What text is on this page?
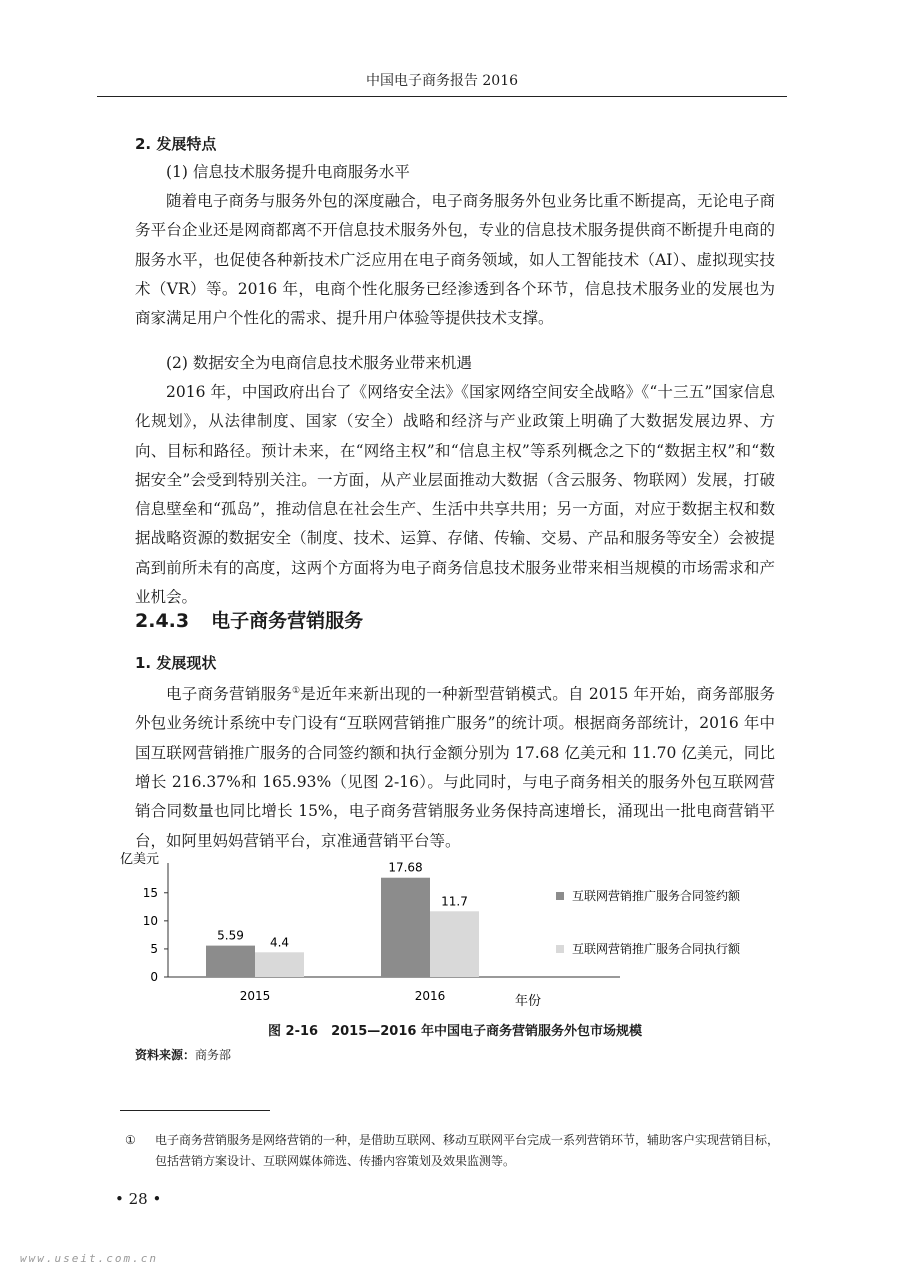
中国电子商务报告 2016
2. 发展特点

(1) 信息技术服务提升电商服务水平

随着电子商务与服务外包的深度融合，电子商务服务外包业务比重不断提高，无论电子商务平台企业还是网商都离不开信息技术服务外包，专业的信息技术服务提供商不断提升电商的服务水平，也促使各种新技术广泛应用在电子商务领域，如人工智能技术（AI）、虚拟现实技术（VR）等。2016 年，电商个性化服务已经渗透到各个环节，信息技术服务业的发展也为商家满足用户个性化的需求、提升用户体验等提供技术支撑。

(2) 数据安全为电商信息技术服务业带来机遇

2016 年，中国政府出台了《网络安全法》《国家网络空间安全战略》《“十三五”国家信息化规划》，从法律制度、国家（安全）战略和经济与产业政策上明确了大数据发展边界、方向、目标和路径。预计未来，在“网络主权”和“信息主权”等系列概念之下的“数据主权”和“数据安全”会受到特别关注。一方面，从产业层面推动大数据（含云服务、物联网）发展，打破信息壁垒和“孤岛”，推动信息在社会生产、生活中共享共用；另一方面，对应于数据主权和数据战略资源的数据安全（制度、技术、运算、存储、传输、交易、产品和服务等安全）会被提高到前所未有的高度，这两个方面将为电子商务信息技术服务业带来相当规模的市场需求和产业机会。

2.4.3 电子商务营销服务
1. 发展现状

电子商务营销服务①是近年来新出现的一种新型营销模式。自 2015 年开始，商务部服务外包业务统计系统中专门设有“互联网营销推广服务”的统计项。根据商务部统计，2016 年中国互联网营销推广服务的合同签约额和执行金额分别为 17.68 亿美元和 11.70 亿美元，同比增长 216.37%和 165.93%（见图 2-16）。与此同时，与电子商务相关的服务外包互联网营销合同数量也同比增长 15%，电子商务营销服务业务保持高速增长，涌现出一批电商营销平台，如阿里妈妈营销平台，京准通营销平台等。

亿美元
0
5
10
15
5.59 4.4
17.68
11.7
2015	2016	年份
互联网营销推广服务合同签约额
互联网营销推广服务合同执行额
图 2-16　2015—2016 年中国电子商务营销服务外包市场规模
资料来源：商务部
① 电子商务营销服务是网络营销的一种，是借助互联网、移动互联网平台完成一系列营销环节，辅助客户实现营销目标，包括营销方案设计、互联网媒体筛选、传播内容策划及效果监测等。
• 28 •
www.useit.com.cn
